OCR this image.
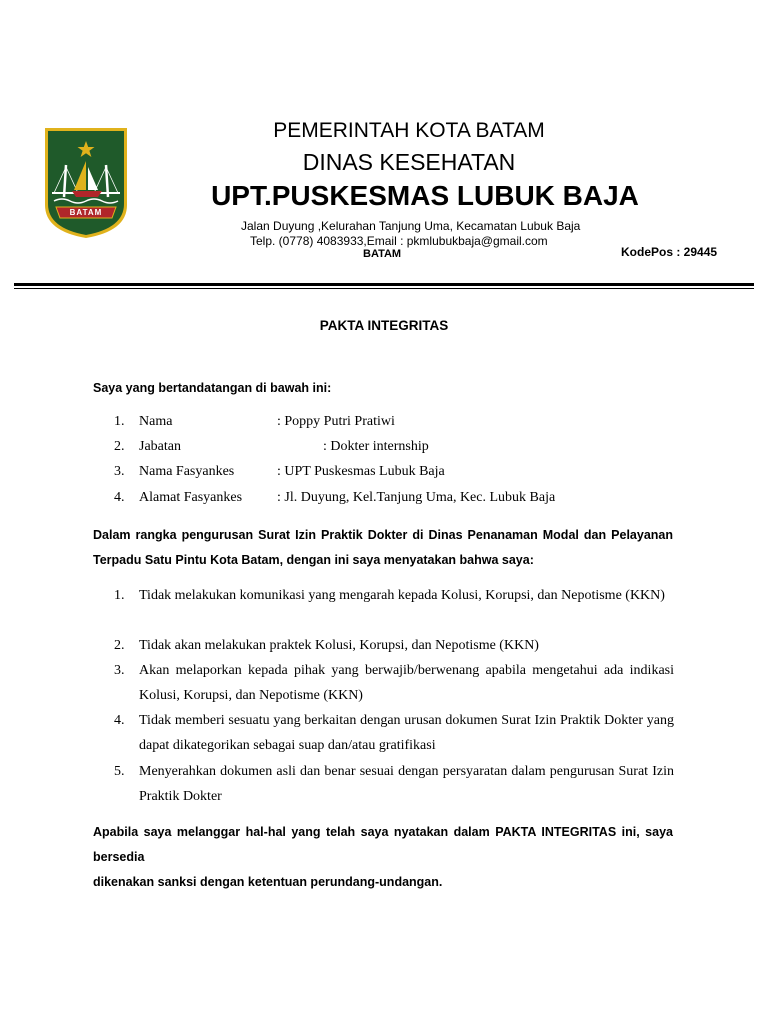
BATAM
PEMERINTAH KOTA BATAM
DINAS KESEHATAN
UPT.PUSKESMAS LUBUK BAJA
Jalan Duyung ,Kelurahan Tanjung Uma, Kecamatan Lubuk Baja
Telp. (0778) 4083933,Email : pkmlubukbaja@gmail.com
BATAM	KodePos : 29445
PAKTA INTEGRITAS
Saya yang bertandatangan di bawah ini:
1. Nama	: Poppy Putri Pratiwi
2. Jabatan	: Dokter internship
3. Nama Fasyankes	: UPT Puskesmas Lubuk Baja
4. Alamat Fasyankes : Jl. Duyung, Kel.Tanjung Uma, Kec. Lubuk Baja
Dalam rangka pengurusan Surat Izin Praktik Dokter di Dinas Penanaman Modal dan Pelayanan
Terpadu Satu Pintu Kota Batam, dengan ini saya menyatakan bahwa saya:
1. Tidak melakukan komunikasi yang mengarah kepada Kolusi, Korupsi, dan Nepotisme (KKN)
2. Tidak akan melakukan praktek Kolusi, Korupsi, dan Nepotisme (KKN)
3. Akan melaporkan kepada pihak yang berwajib/berwenang apabila mengetahui ada indikasi Kolusi, Korupsi, dan Nepotisme (KKN)
4. Tidak memberi sesuatu yang berkaitan dengan urusan dokumen Surat Izin Praktik Dokter yang dapat dikategorikan sebagai suap dan/atau gratifikasi
5. Menyerahkan dokumen asli dan benar sesuai dengan persyaratan dalam pengurusan Surat Izin Praktik Dokter
Apabila saya melanggar hal-hal yang telah saya nyatakan dalam PAKTA INTEGRITAS ini, saya bersedia
dikenakan sanksi dengan ketentuan perundang-undangan.
